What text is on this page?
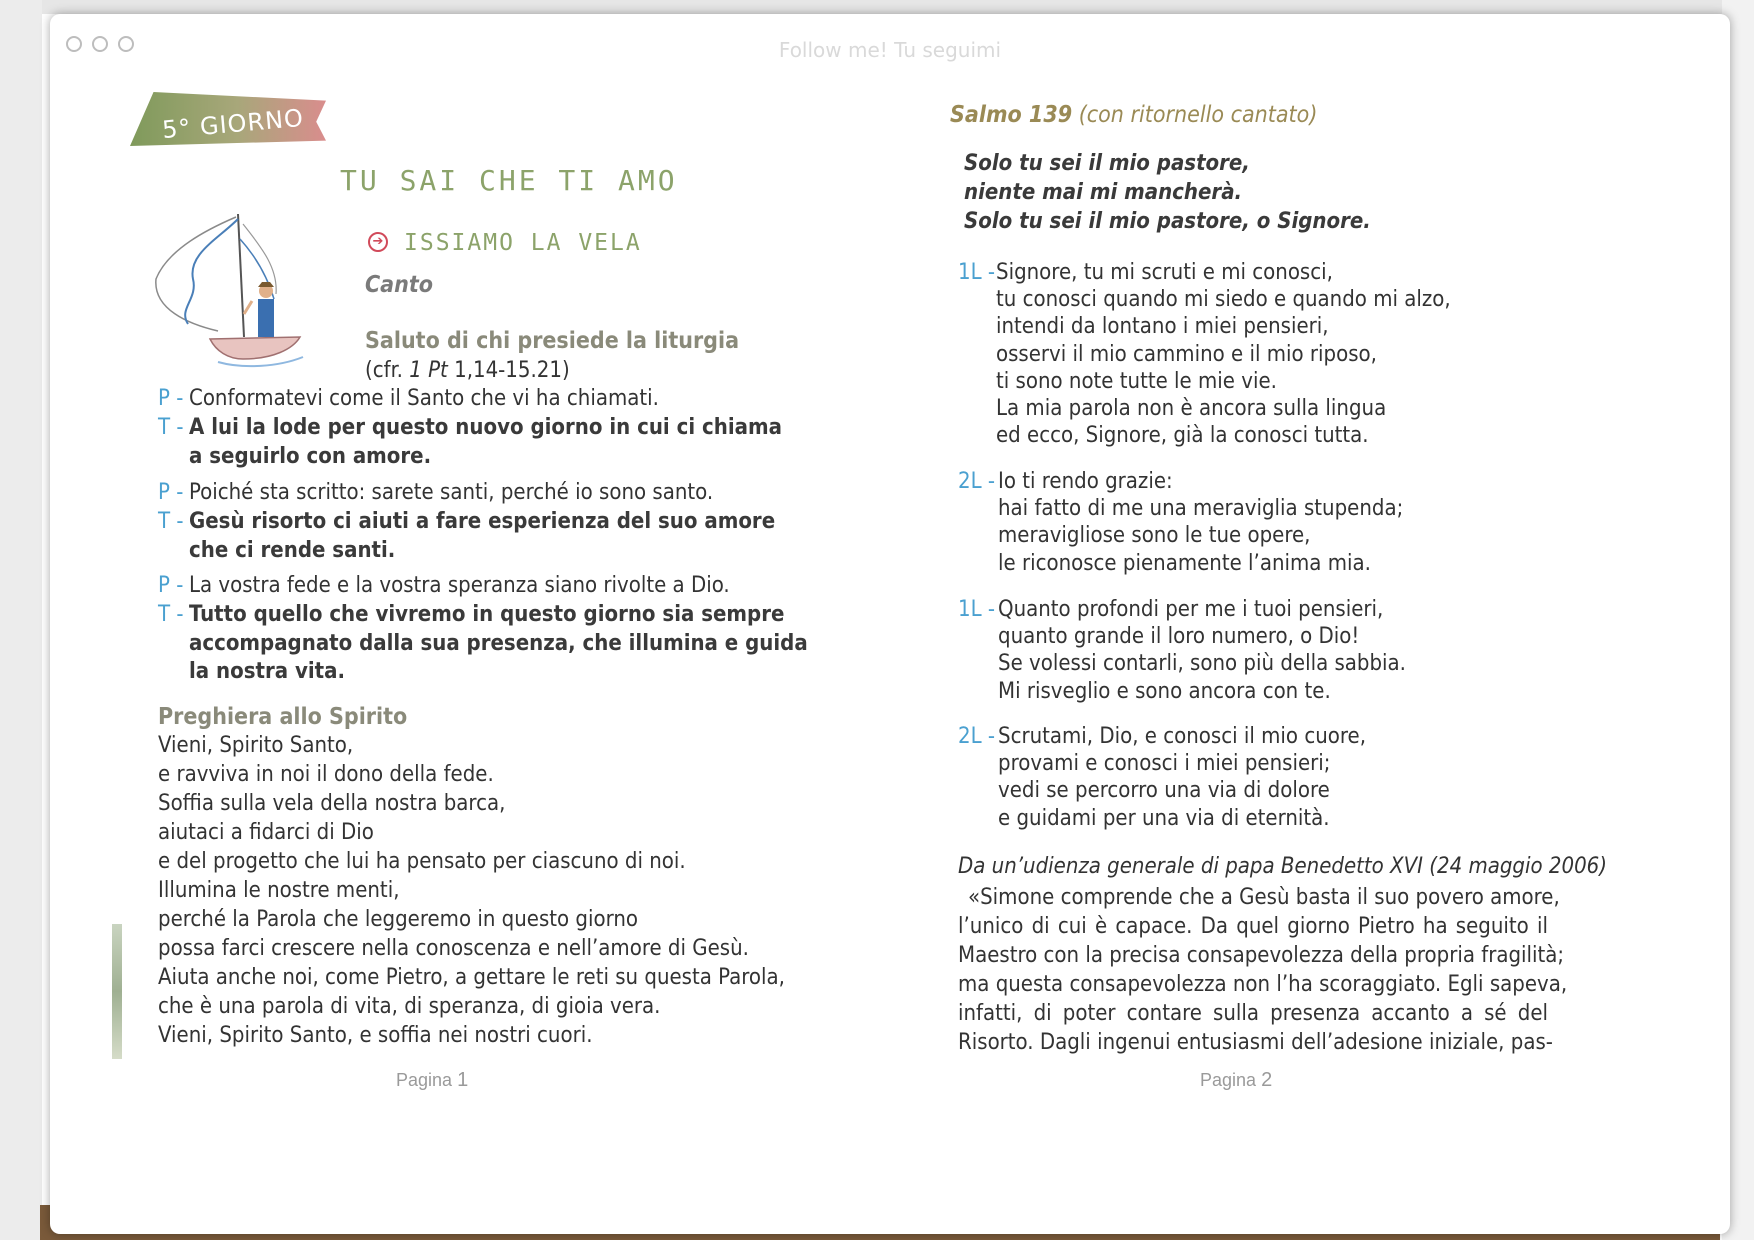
Follow me! Tu seguimi
5° GIORNO
TU SAI CHE TI AMO
➔ ISSIAMO LA VELA
Canto
Saluto di chi presiede la liturgia
(cfr. 1 Pt 1,14-15.21)
P - Conformatevi come il Santo che vi ha chiamati.
T - A lui la lode per questo nuovo giorno in cui ci chiama
a seguirlo con amore.
P - Poiché sta scritto: sarete santi, perché io sono santo.
T - Gesù risorto ci aiuti a fare esperienza del suo amore
che ci rende santi.
P - La vostra fede e la vostra speranza siano rivolte a Dio.
T - Tutto quello che vivremo in questo giorno sia sempre
accompagnato dalla sua presenza, che illumina e guida
la nostra vita.
Preghiera allo Spirito
Vieni, Spirito Santo,
e ravviva in noi il dono della fede.
Soffia sulla vela della nostra barca,
aiutaci a fidarci di Dio
e del progetto che lui ha pensato per ciascuno di noi.
Illumina le nostre menti,
perché la Parola che leggeremo in questo giorno
possa farci crescere nella conoscenza e nell’amore di Gesù.
Aiuta anche noi, come Pietro, a gettare le reti su questa Parola,
che è una parola di vita, di speranza, di gioia vera.
Vieni, Spirito Santo, e soffia nei nostri cuori.
Pagina 1
Salmo 139 (con ritornello cantato)
Solo tu sei il mio pastore,
niente mai mi mancherà.
Solo tu sei il mio pastore, o Signore.
1L - Signore, tu mi scruti e mi conosci,
tu conosci quando mi siedo e quando mi alzo,
intendi da lontano i miei pensieri,
osservi il mio cammino e il mio riposo,
ti sono note tutte le mie vie.
La mia parola non è ancora sulla lingua
ed ecco, Signore, già la conosci tutta.
2L - Io ti rendo grazie:
hai fatto di me una meraviglia stupenda;
meravigliose sono le tue opere,
le riconosce pienamente l’anima mia.
1L - Quanto profondi per me i tuoi pensieri,
quanto grande il loro numero, o Dio!
Se volessi contarli, sono più della sabbia.
Mi risveglio e sono ancora con te.
2L - Scrutami, Dio, e conosci il mio cuore,
provami e conosci i miei pensieri;
vedi se percorro una via di dolore
e guidami per una via di eternità.
Da un’udienza generale di papa Benedetto XVI (24 maggio 2006)
«Simone comprende che a Gesù basta il suo povero amore,
l’unico di cui è capace. Da quel giorno Pietro ha seguito il
Maestro con la precisa consapevolezza della propria fragilità;
ma questa consapevolezza non l’ha scoraggiato. Egli sapeva,
infatti, di poter contare sulla presenza accanto a sé del
Risorto. Dagli ingenui entusiasmi dell’adesione iniziale, pas-
Pagina 2
